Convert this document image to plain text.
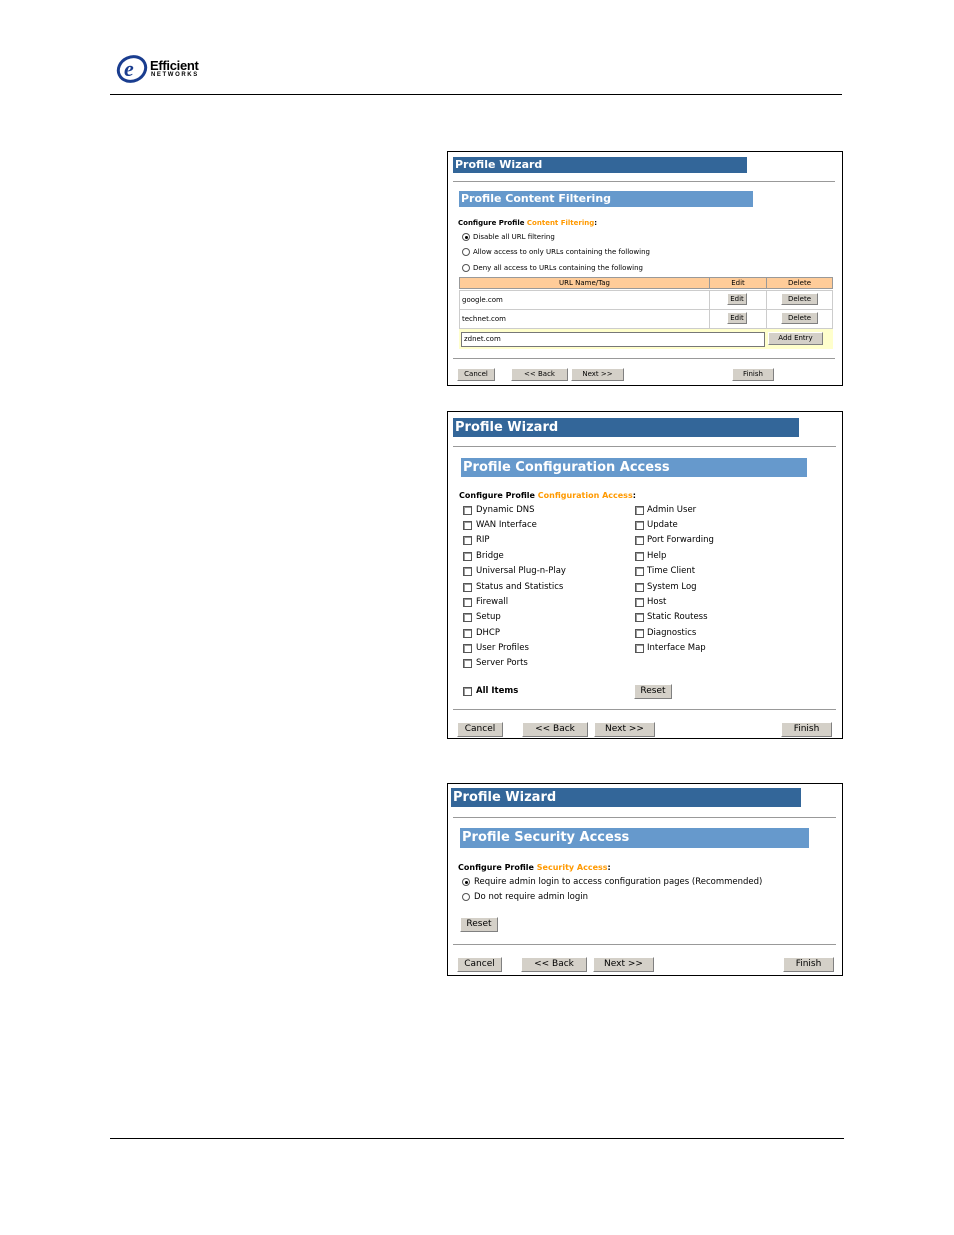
e Efficient
NETWORKS
Profile Wizard
Profile Content Filtering
Configure Profile Content Filtering:
Disable all URL filtering
Allow access to only URLs containing the following
Deny all access to URLs containing the following
URL Name/Tag	Edit	Delete
google.com	Edit	Delete
technet.com	Edit	Delete
zdnet.com	Add Entry
Cancel	<< Back	Next >>	Finish
Profile Wizard
Profile Configuration Access
Configure Profile Configuration Access:
Dynamic DNS
WAN Interface
RIP
Bridge
Universal Plug-n-Play
Status and Statistics
Firewall
Setup
DHCP
User Profiles
Server Ports
Admin User
Update
Port Forwarding
Help
Time Client
System Log
Host
Static Routess
Diagnostics
Interface Map
All Items	Reset
Cancel	<< Back	Next >>	Finish
Profile Wizard
Profile Security Access
Configure Profile Security Access:
Require admin login to access configuration pages (Recommended)
Do not require admin login
Reset
Cancel	<< Back	Next >>	Finish
